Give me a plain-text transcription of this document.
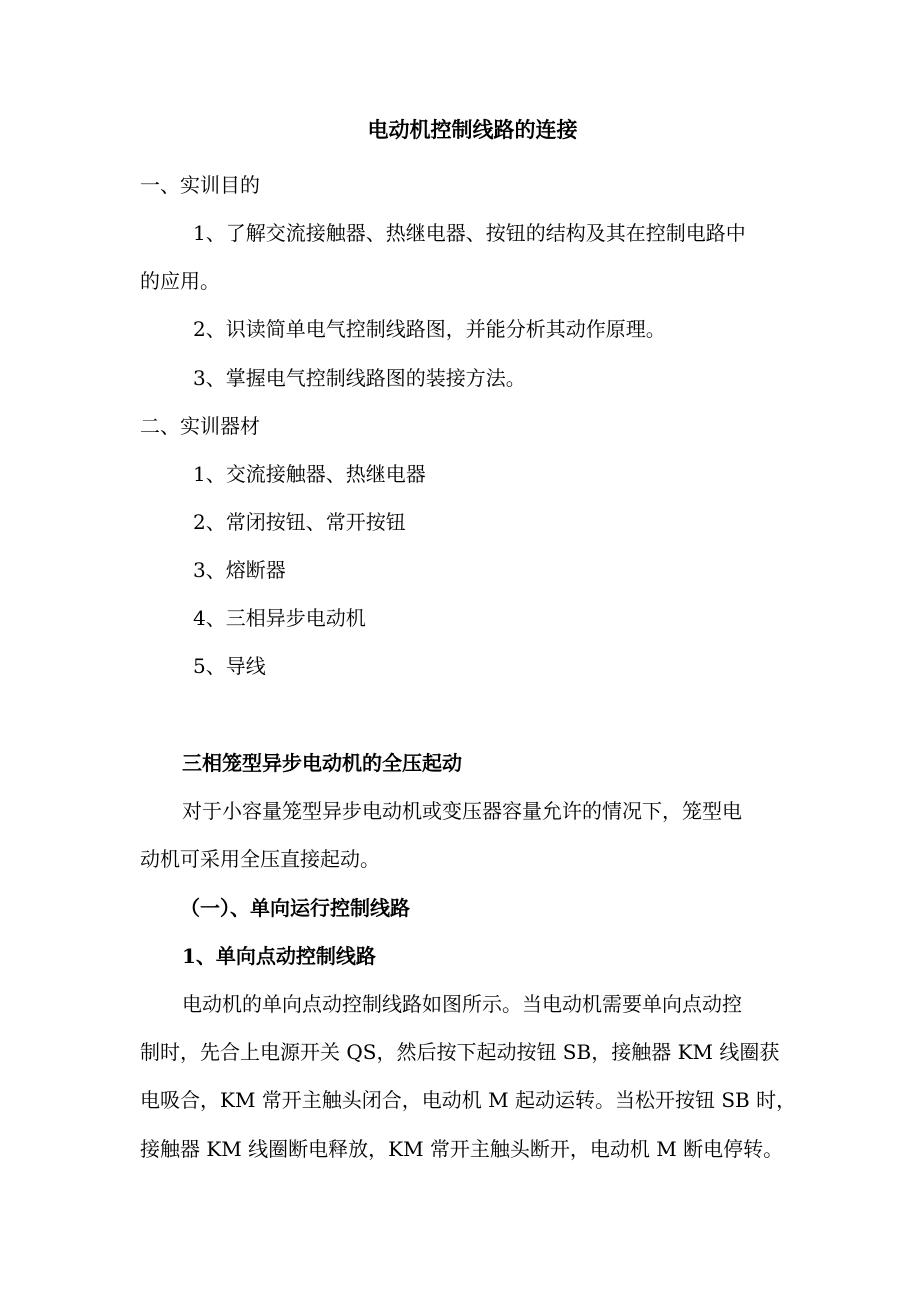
电动机控制线路的连接
一、实训目的
1、了解交流接触器、热继电器、按钮的结构及其在控制电路中
的应用。
2、识读简单电气控制线路图，并能分析其动作原理。
3、掌握电气控制线路图的装接方法。
二、实训器材
1、交流接触器、热继电器
2、常闭按钮、常开按钮
3、熔断器
4、三相异步电动机
5、导线
三相笼型异步电动机的全压起动
对于小容量笼型异步电动机或变压器容量允许的情况下，笼型电
动机可采用全压直接起动。
（一）、单向运行控制线路
1、单向点动控制线路
电动机的单向点动控制线路如图所示。当电动机需要单向点动控
制时，先合上电源开关 QS，然后按下起动按钮 SB，接触器 KM 线圈获
电吸合，KM 常开主触头闭合，电动机 M 起动运转。当松开按钮 SB 时，
接触器 KM 线圈断电释放，KM 常开主触头断开，电动机 M 断电停转。
